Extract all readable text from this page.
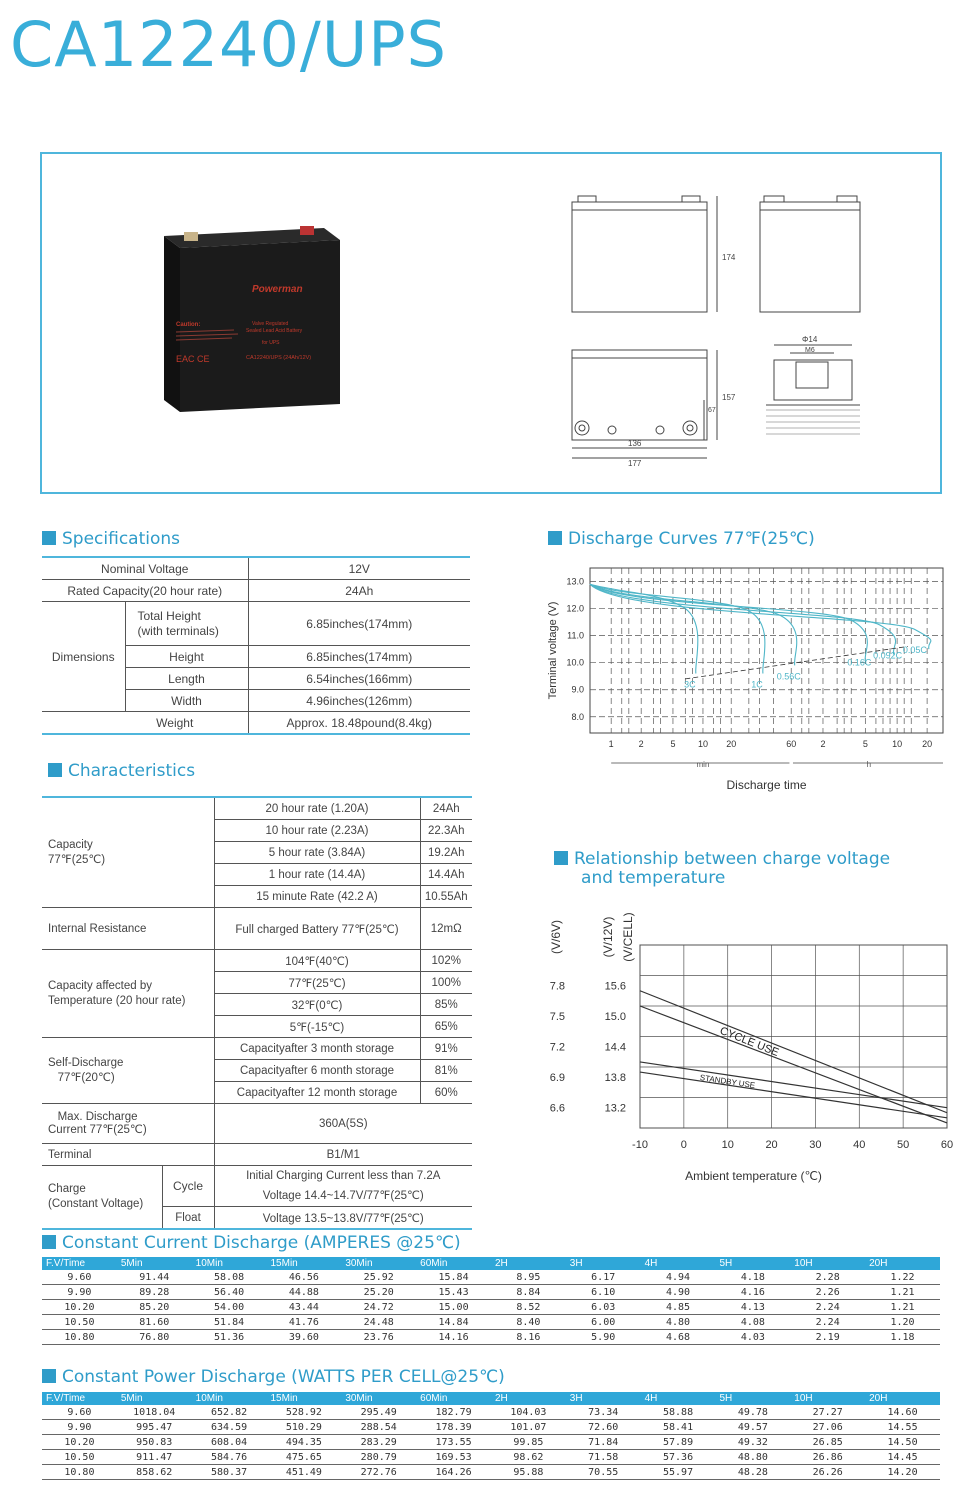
CA12240/UPS
Powerman
Caution:	Valve Regulated
Sealed Lead Acid Battery
for UPS
CA12240/UPS (24Ah/12V)
EAC CE
174
157
67
136
177
Φ14
M6
Specifications
Nominal Voltage		12V
Rated Capacity(20 hour rate)		24Ah
Dimensions	Total Height
(with terminals)	6.85inches(174mm)
	Height	6.85inches(174mm)
	Length	6.54inches(166mm)
	Width	4.96inches(126mm)
Weight		Approx. 18.48pound(8.4kg)
Characteristics
Capacity
77℉(25℃)		20 hour rate (1.20A)	24Ah
		10 hour rate (2.23A)	22.3Ah
		5 hour rate (3.84A)	19.2Ah
		1 hour rate (14.4A)	14.4Ah
		15 minute Rate (42.2 A)	10.55Ah
Internal Resistance		Full charged Battery 77℉(25℃)	12mΩ
Capacity affected by
Temperature (20 hour rate)		104℉(40℃)	102%
		77℉(25℃)	100%
		32℉(0℃)	85%
		5℉(-15℃)	65%
Self-Discharge
77℉(20℃)		Capacityafter 3 month storage	91%
		Capacityafter 6 month storage	81%
		Capacityafter 12 month storage	60%
Max. Discharge
Current 77℉(25℃)		360A(5S)	
Terminal		B1/M1	
Charge
(Constant Voltage)	Cycle	Initial Charging Current less than 7.2A
Voltage 14.4~14.7V/77℉(25℃)	
	Float	Voltage 13.5~13.8V/77℉(25℃)	
Discharge Curves 77℉(25℃)
13.0
12.0
11.0
10.0
9.0
8.0
1	2	5 10 20	60	2	5	10 20
min	h
Discharge time
Terminal voltage (V)	3C	1C
0.56C
0.16C
0.092C
0.05C
Relationship between charge voltage
and temperature
-10	0	10	20	30	40	50	60
15.6
7.8
15.0
7.5
14.4
7.2
13.8
6.9
13.2
6.6
(V/6V)	(V/12V) (V/CELL)
CYCLE USE
STANDBY USE
Ambient temperature (℃)
Constant Current Discharge (AMPERES @25℃)
F.V/Time	5Min	10Min	15Min	30Min	60Min	2H	3H	4H	5H	10H	20H
9.60	91.44	58.08	46.56	25.92	15.84	8.95	6.17	4.94	4.18	2.28	1.22
9.90	89.28	56.40	44.88	25.20	15.43	8.84	6.10	4.90	4.16	2.26	1.21
10.20	85.20	54.00	43.44	24.72	15.00	8.52	6.03	4.85	4.13	2.24	1.21
10.50	81.60	51.84	41.76	24.48	14.84	8.40	6.00	4.80	4.08	2.24	1.20
10.80	76.80	51.36	39.60	23.76	14.16	8.16	5.90	4.68	4.03	2.19	1.18
Constant Power Discharge (WATTS PER CELL@25℃)
F.V/Time	5Min	10Min	15Min	30Min	60Min	2H	3H	4H	5H	10H	20H
9.60	1018.04	652.82	528.92	295.49	182.79	104.03	73.34	58.88	49.78	27.27	14.60
9.90	995.47	634.59	510.29	288.54	178.39	101.07	72.60	58.41	49.57	27.06	14.55
10.20	950.83	608.04	494.35	283.29	173.55	99.85	71.84	57.89	49.32	26.85	14.50
10.50	911.47	584.76	475.65	280.79	169.53	98.62	71.58	57.36	48.80	26.86	14.45
10.80	858.62	580.37	451.49	272.76	164.26	95.88	70.55	55.97	48.28	26.26	14.20
